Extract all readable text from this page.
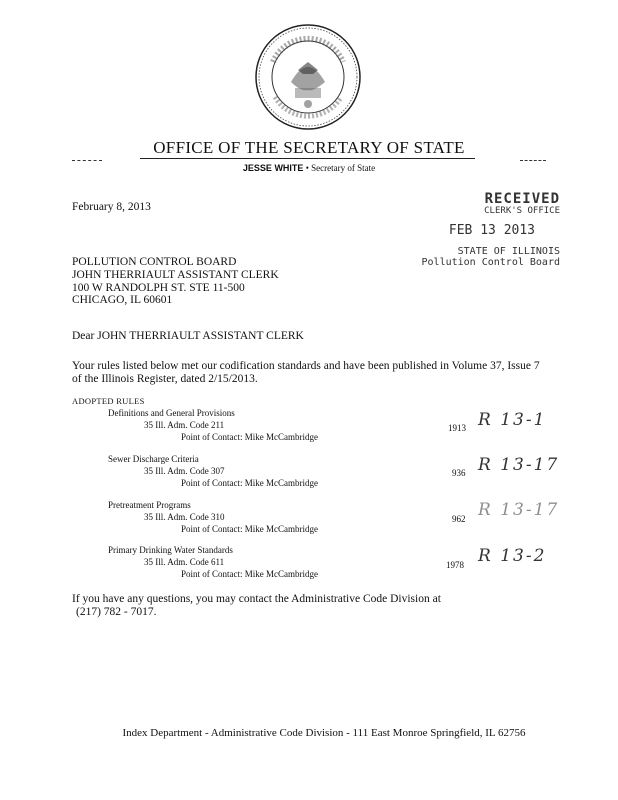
OFFICE OF THE SECRETARY OF STATE
JESSE WHITE • Secretary of State
February 8, 2013	RECEIVED
CLERK'S OFFICE
FEB 13 2013
STATE OF ILLINOIS
Pollution Control Board
POLLUTION CONTROL BOARD
JOHN THERRIAULT ASSISTANT CLERK
100 W RANDOLPH ST. STE 11-500
CHICAGO, IL 60601
Dear JOHN THERRIAULT ASSISTANT CLERK
Your rules listed below met our codification standards and have been published in Volume 37, Issue 7 of the Illinois Register, dated 2/15/2013.
ADOPTED RULES
Definitions and General Provisions
35 Ill. Adm. Code 211
Point of Contact: Mike McCambridge
1913 R 13-1
Sewer Discharge Criteria
35 Ill. Adm. Code 307
Point of Contact: Mike McCambridge
936 R 13-17
Pretreatment Programs
35 Ill. Adm. Code 310
Point of Contact: Mike McCambridge
962 R 13-17
Primary Drinking Water Standards
35 Ill. Adm. Code 611
Point of Contact: Mike McCambridge
1978 R 13-2
If you have any questions, you may contact the Administrative Code Division at
(217) 782 - 7017.
Index Department - Administrative Code Division - 111 East Monroe Springfield, IL 62756
